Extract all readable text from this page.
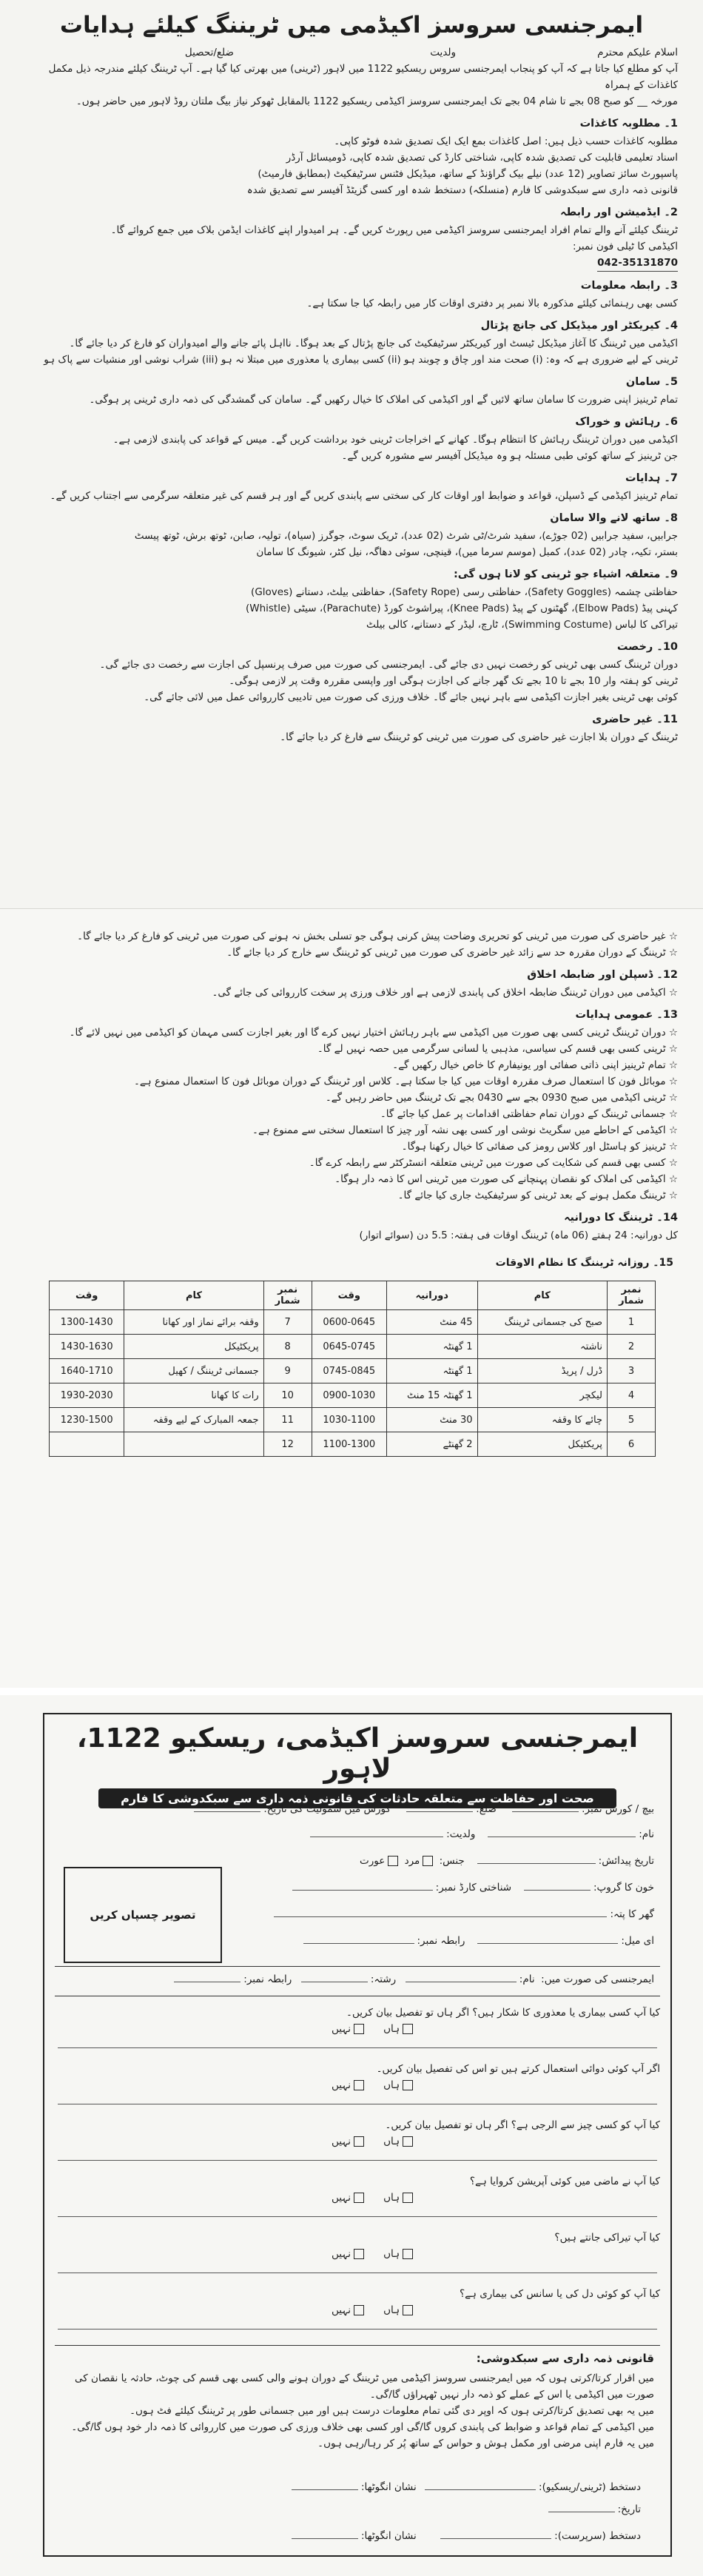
ایمرجنسی سروسز اکیڈمی میں ٹریننگ کیلئے ہدایات
اسلام علیکم محترم
ولدیت
ضلع/تحصیل

آپ کو مطلع کیا جاتا ہے کہ آپ کو پنجاب ایمرجنسی سروس ریسکیو 1122 میں لاہور (ٹرینی) میں بھرتی کیا گیا ہے۔ آپ ٹریننگ کیلئے مندرجہ ذیل مکمل کاغذات کے ہمراہ

مورخہ __ کو صبح 08 بجے تا شام 04 بجے تک ایمرجنسی سروسز اکیڈمی ریسکیو 1122 بالمقابل ٹھوکر نیاز بیگ ملتان روڈ لاہور میں حاضر ہوں۔

1۔ مطلوبہ کاغذات

مطلوبہ کاغذات حسب ذیل ہیں: اصل کاغذات بمع ایک ایک تصدیق شدہ فوٹو کاپی۔

اسناد تعلیمی قابلیت کی تصدیق شدہ کاپی، شناختی کارڈ کی تصدیق شدہ کاپی، ڈومیسائل آرڈر

پاسپورٹ سائز تصاویر (12 عدد) نیلے بیک گراؤنڈ کے ساتھ، میڈیکل فٹنس سرٹیفکیٹ (بمطابق فارمیٹ)

قانونی ذمہ داری سے سبکدوشی کا فارم (منسلکہ) دستخط شدہ اور کسی گزیٹڈ آفیسر سے تصدیق شدہ

2۔ ایڈمیشن اور رابطہ

ٹریننگ کیلئے آنے والے تمام افراد ایمرجنسی سروسز اکیڈمی میں رپورٹ کریں گے۔ ہر امیدوار اپنے کاغذات ایڈمن بلاک میں جمع کروائے گا۔

اکیڈمی کا ٹیلی فون نمبر:

042-35131870

3۔ رابطہ معلومات

کسی بھی رہنمائی کیلئے مذکورہ بالا نمبر پر دفتری اوقات کار میں رابطہ کیا جا سکتا ہے۔

4۔ کیریکٹر اور میڈیکل کی جانچ پڑتال

اکیڈمی میں ٹریننگ کا آغاز میڈیکل ٹیسٹ اور کیریکٹر سرٹیفکیٹ کی جانچ پڑتال کے بعد ہوگا۔ نااہل پائے جانے والے امیدواران کو فارغ کر دیا جائے گا۔

ٹرینی کے لیے ضروری ہے کہ وہ: (i) صحت مند اور چاق و چوبند ہو (ii) کسی بیماری یا معذوری میں مبتلا نہ ہو (iii) شراب نوشی اور منشیات سے پاک ہو

5۔ سامان

تمام ٹرینیز اپنی ضرورت کا سامان ساتھ لائیں گے اور اکیڈمی کی املاک کا خیال رکھیں گے۔ سامان کی گمشدگی کی ذمہ داری ٹرینی پر ہوگی۔

6۔ رہائش و خوراک

اکیڈمی میں دوران ٹریننگ رہائش کا انتظام ہوگا۔ کھانے کے اخراجات ٹرینی خود برداشت کریں گے۔ میس کے قواعد کی پابندی لازمی ہے۔

جن ٹرینیز کے ساتھ کوئی طبی مسئلہ ہو وہ میڈیکل آفیسر سے مشورہ کریں گے۔

7۔ ہدایات

تمام ٹرینیز اکیڈمی کے ڈسپلن، قواعد و ضوابط اور اوقات کار کی سختی سے پابندی کریں گے اور ہر قسم کی غیر متعلقہ سرگرمی سے اجتناب کریں گے۔

8۔ ساتھ لانے والا سامان

جرابیں، سفید جرابیں (02 جوڑے)، سفید شرٹ/ٹی شرٹ (02 عدد)، ٹریک سوٹ، جوگرز (سیاہ)، تولیہ، صابن، ٹوتھ برش، ٹوتھ پیسٹ

بستر، تکیہ، چادر (02 عدد)، کمبل (موسم سرما میں)، قینچی، سوئی دھاگہ، نیل کٹر، شیونگ کا سامان

9۔ متعلقہ اشیاء جو ٹرینی کو لانا ہوں گی:

حفاظتی چشمہ (Safety Goggles)، حفاظتی رسی (Safety Rope)، حفاظتی بیلٹ، دستانے (Gloves)

کہنی پیڈ (Elbow Pads)، گھٹنوں کے پیڈ (Knee Pads)، پیراشوٹ کورڈ (Parachute)، سیٹی (Whistle)

تیراکی کا لباس (Swimming Costume)، ٹارچ، لیڈر کے دستانے، کالی بیلٹ

10۔ رخصت

دوران ٹریننگ کسی بھی ٹرینی کو رخصت نہیں دی جائے گی۔ ایمرجنسی کی صورت میں صرف پرنسپل کی اجازت سے رخصت دی جائے گی۔

ٹرینی کو ہفتہ وار 10 بجے تا 10 بجے تک گھر جانے کی اجازت ہوگی اور واپسی مقررہ وقت پر لازمی ہوگی۔

کوئی بھی ٹرینی بغیر اجازت اکیڈمی سے باہر نہیں جائے گا۔ خلاف ورزی کی صورت میں تادیبی کارروائی عمل میں لائی جائے گی۔

11۔ غیر حاضری

ٹریننگ کے دوران بلا اجازت غیر حاضری کی صورت میں ٹرینی کو ٹریننگ سے فارغ کر دیا جائے گا۔

☆ غیر حاضری کی صورت میں ٹرینی کو تحریری وضاحت پیش کرنی ہوگی جو تسلی بخش نہ ہونے کی صورت میں ٹرینی کو فارغ کر دیا جائے گا۔

☆ ٹریننگ کے دوران مقررہ حد سے زائد غیر حاضری کی صورت میں ٹرینی کو ٹریننگ سے خارج کر دیا جائے گا۔

12۔ ڈسپلن اور ضابطہ اخلاق

☆ اکیڈمی میں دوران ٹریننگ ضابطہ اخلاق کی پابندی لازمی ہے اور خلاف ورزی پر سخت کارروائی کی جائے گی۔

13۔ عمومی ہدایات

☆ دوران ٹریننگ ٹرینی کسی بھی صورت میں اکیڈمی سے باہر رہائش اختیار نہیں کرے گا اور بغیر اجازت کسی مہمان کو اکیڈمی میں نہیں لائے گا۔

☆ ٹرینی کسی بھی قسم کی سیاسی، مذہبی یا لسانی سرگرمی میں حصہ نہیں لے گا۔

☆ تمام ٹرینیز اپنی ذاتی صفائی اور یونیفارم کا خاص خیال رکھیں گے۔

☆ موبائل فون کا استعمال صرف مقررہ اوقات میں کیا جا سکتا ہے۔ کلاس اور ٹریننگ کے دوران موبائل فون کا استعمال ممنوع ہے۔

☆ ٹرینی اکیڈمی میں صبح 0930 بجے سے 0430 بجے تک ٹریننگ میں حاضر رہیں گے۔

☆ جسمانی ٹریننگ کے دوران تمام حفاظتی اقدامات پر عمل کیا جائے گا۔

☆ اکیڈمی کے احاطے میں سگریٹ نوشی اور کسی بھی نشہ آور چیز کا استعمال سختی سے ممنوع ہے۔

☆ ٹرینیز کو ہاسٹل اور کلاس رومز کی صفائی کا خیال رکھنا ہوگا۔

☆ کسی بھی قسم کی شکایت کی صورت میں ٹرینی متعلقہ انسٹرکٹر سے رابطہ کرے گا۔

☆ اکیڈمی کی املاک کو نقصان پہنچانے کی صورت میں ٹرینی اس کا ذمہ دار ہوگا۔

☆ ٹریننگ مکمل ہونے کے بعد ٹرینی کو سرٹیفکیٹ جاری کیا جائے گا۔

14۔ ٹریننگ کا دورانیہ

کل دورانیہ: 24 ہفتے (06 ماہ) ٹریننگ اوقات فی ہفتہ: 5.5 دن (سوائے اتوار)

15۔ روزانہ ٹریننگ کا نظام الاوقات
نمبر شمار	کام	دورانیہ	وقت	نمبر شمار	کام	وقت
1	صبح کی جسمانی ٹریننگ	45 منٹ	0600-0645	7	وقفہ برائے نماز اور کھانا	1300-1430
2	ناشتہ	1 گھنٹہ	0645-0745	8	پریکٹیکل	1430-1630
3	ڈرل / پریڈ	1 گھنٹہ	0745-0845	9	جسمانی ٹریننگ / کھیل	1640-1710
4	لیکچر	1 گھنٹہ 15 منٹ	0900-1030	10	رات کا کھانا	1930-2030
5	چائے کا وقفہ	30 منٹ	1030-1100	11	جمعہ المبارک کے لیے وقفہ	1230-1500
6	پریکٹیکل	2 گھنٹے	1100-1300	12		
ایمرجنسی سروسز اکیڈمی، ریسکیو 1122، لاہور
صحت اور حفاظت سے متعلقہ حادثات کی قانونی ذمہ داری سے سبکدوشی کا فارم
بیچ / کورس نمبر:    ضلع:    کورس میں شمولیت کی تاریخ:
نام:   ولدیت:
تاریخ پیدائش:   جنس: مرد عورت
خون کا گروپ:   شناختی کارڈ نمبر:
گھر کا پتہ:
ای میل:   رابطہ نمبر:
تصویر چسپاں کریں
ایمرجنسی کی صورت میں:  نام:  رشتہ:  رابطہ نمبر:
کیا آپ کسی بیماری یا معذوری کا شکار ہیں؟ اگر ہاں تو تفصیل بیان کریں۔
ہاں
نہیں
اگر آپ کوئی دوائی استعمال کرتے ہیں تو اس کی تفصیل بیان کریں۔
ہاں
نہیں
کیا آپ کو کسی چیز سے الرجی ہے؟ اگر ہاں تو تفصیل بیان کریں۔
ہاں
نہیں
کیا آپ نے ماضی میں کوئی آپریشن کروایا ہے؟
ہاں
نہیں
کیا آپ تیراکی جانتے ہیں؟
ہاں
نہیں
کیا آپ کو کوئی دل کی یا سانس کی بیماری ہے؟
ہاں
نہیں
قانونی ذمہ داری سے سبکدوشی:

میں اقرار کرتا/کرتی ہوں کہ میں ایمرجنسی سروسز اکیڈمی میں ٹریننگ کے دوران ہونے والی کسی بھی قسم کی چوٹ، حادثہ یا نقصان کی صورت میں اکیڈمی یا اس کے عملے کو ذمہ دار نہیں ٹھہراؤں گا/گی۔

میں یہ بھی تصدیق کرتا/کرتی ہوں کہ اوپر دی گئی تمام معلومات درست ہیں اور میں جسمانی طور پر ٹریننگ کیلئے فٹ ہوں۔

میں اکیڈمی کے تمام قواعد و ضوابط کی پابندی کروں گا/گی اور کسی بھی خلاف ورزی کی صورت میں کارروائی کا ذمہ دار خود ہوں گا/گی۔

میں یہ فارم اپنی مرضی اور مکمل ہوش و حواس کے ساتھ پُر کر رہا/رہی ہوں۔

دستخط (ٹرینی/ریسکیو):
نشان انگوٹھا:
تاریخ:
دستخط (سرپرست):
نشان انگوٹھا:
